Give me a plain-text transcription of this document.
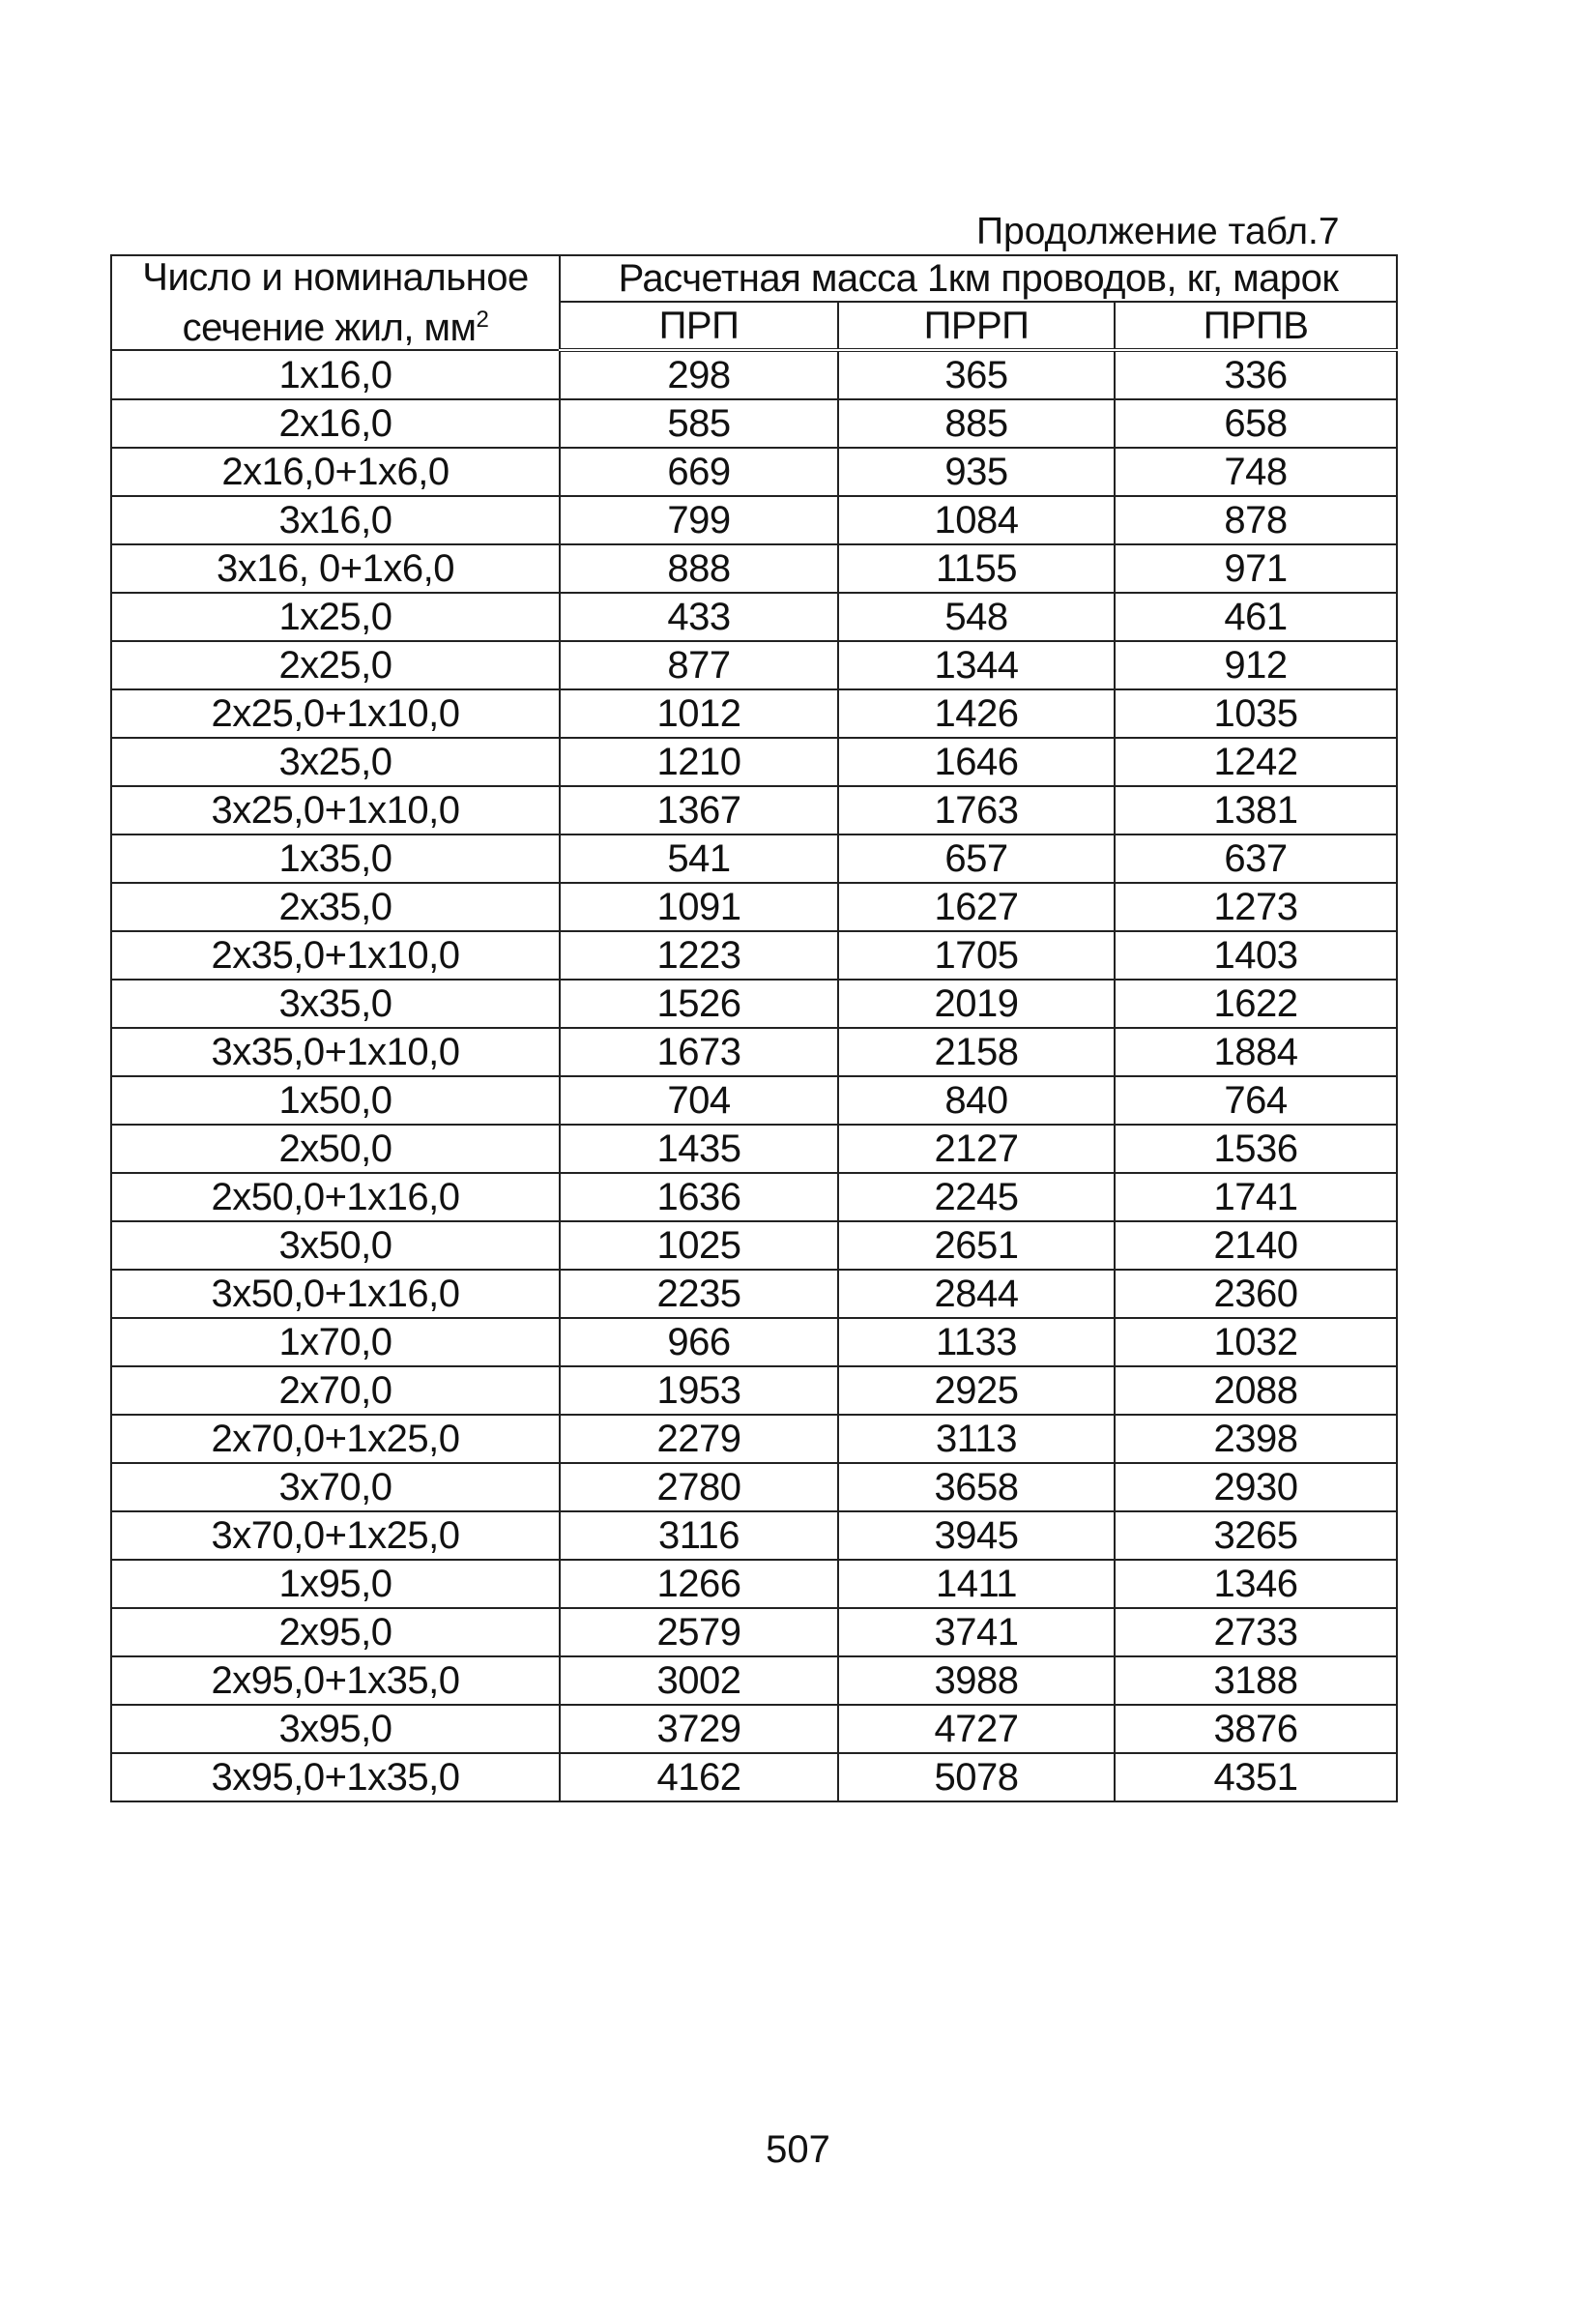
Продолжение табл.7
Число и номинальное
сечение жил, $мм^2$	Расчетная масса 1км проводов, кг, марок		
	ПРП	ПРРП	ПРПВ
1х16,0	298	365	336
2х16,0	585	885	658
2х16,0+1х6,0	669	935	748
3х16,0	799	1084	878
3х16, 0+1х6,0	888	1155	971
1х25,0	433	548	461
2х25,0	877	1344	912
2х25,0+1х10,0	1012	1426	1035
3х25,0	1210	1646	1242
3х25,0+1х10,0	1367	1763	1381
1х35,0	541	657	637
2х35,0	1091	1627	1273
2х35,0+1х10,0	1223	1705	1403
3х35,0	1526	2019	1622
3х35,0+1х10,0	1673	2158	1884
1х50,0	704	840	764
2х50,0	1435	2127	1536
2х50,0+1х16,0	1636	2245	1741
3х50,0	1025	2651	2140
3х50,0+1х16,0	2235	2844	2360
1х70,0	966	1133	1032
2х70,0	1953	2925	2088
2х70,0+1х25,0	2279	3113	2398
3х70,0	2780	3658	2930
3х70,0+1х25,0	3116	3945	3265
1х95,0	1266	1411	1346
2х95,0	2579	3741	2733
2х95,0+1х35,0	3002	3988	3188
3х95,0	3729	4727	3876
3х95,0+1х35,0	4162	5078	4351
507
